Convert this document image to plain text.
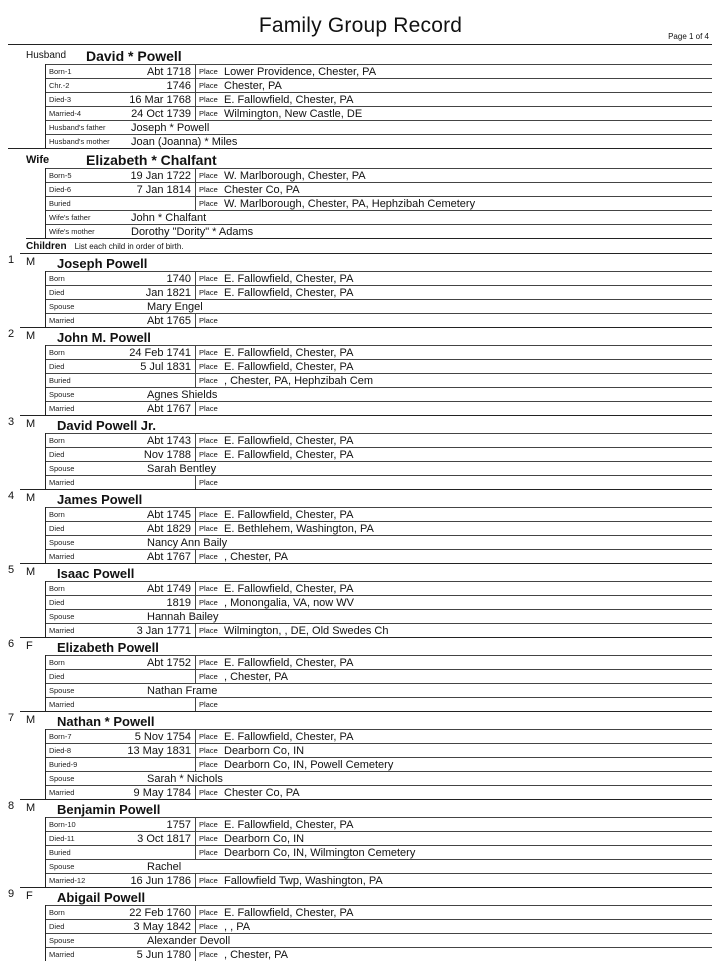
Family Group Record	Page 1 of 4
Husband	David * Powell
Born-1	Abt 1718	Place Lower Providence, Chester, PA
Chr.-2	1746	Place Chester, PA
Died-3	16 Mar 1768	Place E. Fallowfield, Chester, PA
Married-4	24 Oct 1739	Place Wilmington, New Castle, DE
Husband's father	Joseph * Powell
Husband's mother	Joan (Joanna) * Miles
Wife	Elizabeth * Chalfant
Born-5	19 Jan 1722	Place W. Marlborough, Chester, PA
Died-6	7 Jan 1814	Place Chester Co, PA
Buried	Place W. Marlborough, Chester, PA, Hephzibah Cemetery
Wife's father	John * Chalfant
Wife's mother	Dorothy "Dority" * Adams
Children	List each child in order of birth.
1 M	Joseph Powell
Born	1740	Place E. Fallowfield, Chester, PA
Died	Jan 1821	Place E. Fallowfield, Chester, PA
Spouse	Mary Engel
Married	Abt 1765	Place
2 M	John M. Powell
Born	24 Feb 1741	Place E. Fallowfield, Chester, PA
Died	5 Jul 1831	Place E. Fallowfield, Chester, PA
Buried	Place , Chester, PA, Hephzibah Cem
Spouse	Agnes Shields
Married	Abt 1767	Place
3 M	David Powell Jr.
Born	Abt 1743	Place E. Fallowfield, Chester, PA
Died	Nov 1788	Place E. Fallowfield, Chester, PA
Spouse	Sarah Bentley
Married	Place
4 M	James Powell
Born	Abt 1745	Place E. Fallowfield, Chester, PA
Died	Abt 1829	Place E. Bethlehem, Washington, PA
Spouse	Nancy Ann Baily
Married	Abt 1767	Place , Chester, PA
5 M	Isaac Powell
Born	Abt 1749	Place E. Fallowfield, Chester, PA
Died	1819	Place , Monongalia, VA, now WV
Spouse	Hannah Bailey
Married	3 Jan 1771	Place Wilmington, , DE, Old Swedes Ch
6 F	Elizabeth Powell
Born	Abt 1752	Place E. Fallowfield, Chester, PA
Died	Place , Chester, PA
Spouse	Nathan Frame
Married	Place
7 M	Nathan * Powell
Born-7	5 Nov 1754	Place E. Fallowfield, Chester, PA
Died-8	13 May 1831	Place Dearborn Co, IN
Buried-9	Place Dearborn Co, IN, Powell Cemetery
Spouse	Sarah * Nichols
Married	9 May 1784	Place Chester Co, PA
8 M	Benjamin Powell
Born-10	1757	Place E. Fallowfield, Chester, PA
Died-11	3 Oct 1817	Place Dearborn Co, IN
Buried	Place Dearborn Co, IN, Wilmington Cemetery
Spouse	Rachel
Married-12	16 Jun 1786	Place Fallowfield Twp, Washington, PA
9 F	Abigail Powell
Born	22 Feb 1760	Place E. Fallowfield, Chester, PA
Died	3 May 1842	Place , , PA
Spouse	Alexander Devoll
Married	5 Jun 1780	Place , Chester, PA
